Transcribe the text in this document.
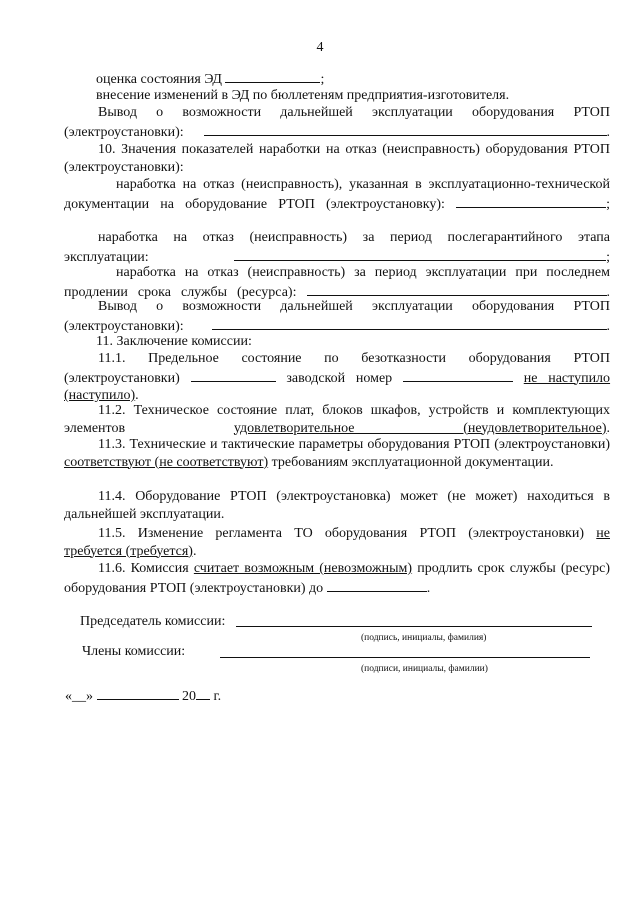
4
оценка состояния ЭД	;
внесение изменений в ЭД по бюллетеням предприятия-изготовителя.
Вывод о возможности дальнейшей эксплуатации оборудования РТОП (электроустановки):	.
10. Значения показателей наработки на отказ (неисправность) оборудования РТОП (электроустановки):
наработка на отказ (неисправность), указанная в эксплуатационно-технической документации на оборудование РТОП (электроустановку):	;
наработка на отказ (неисправность) за период послегарантийного этапа эксплуатации:	;
наработка на отказ (неисправность) за период эксплуатации при последнем продлении срока службы (ресурса):	.
Вывод о возможности дальнейшей эксплуатации оборудования РТОП (электроустановки):	.
11. Заключение комиссии:
11.1. Предельное состояние по безотказности оборудования РТОП (электроустановки)	заводской номер	не наступило (наступило).
11.2. Техническое состояние плат, блоков шкафов, устройств и комплектующих элементов	удовлетворительное (неудовлетворительное).
11.3. Технические и тактические параметры оборудования РТОП (электроустановки) соответствуют (не соответствуют) требованиям эксплуатационной документации.
11.4. Оборудование РТОП (электроустановка) может (не может) находиться в дальнейшей эксплуатации.
11.5. Изменение регламента ТО оборудования РТОП (электроустановки) не требуется (требуется).
11.6. Комиссия считает возможным (невозможным) продлить срок службы (ресурс) оборудования РТОП (электроустановки) до	.
Председатель комиссии:
(подпись, инициалы, фамилия)
Члены комиссии:
(подписи, инициалы, фамилии)
«__»	20 г.
